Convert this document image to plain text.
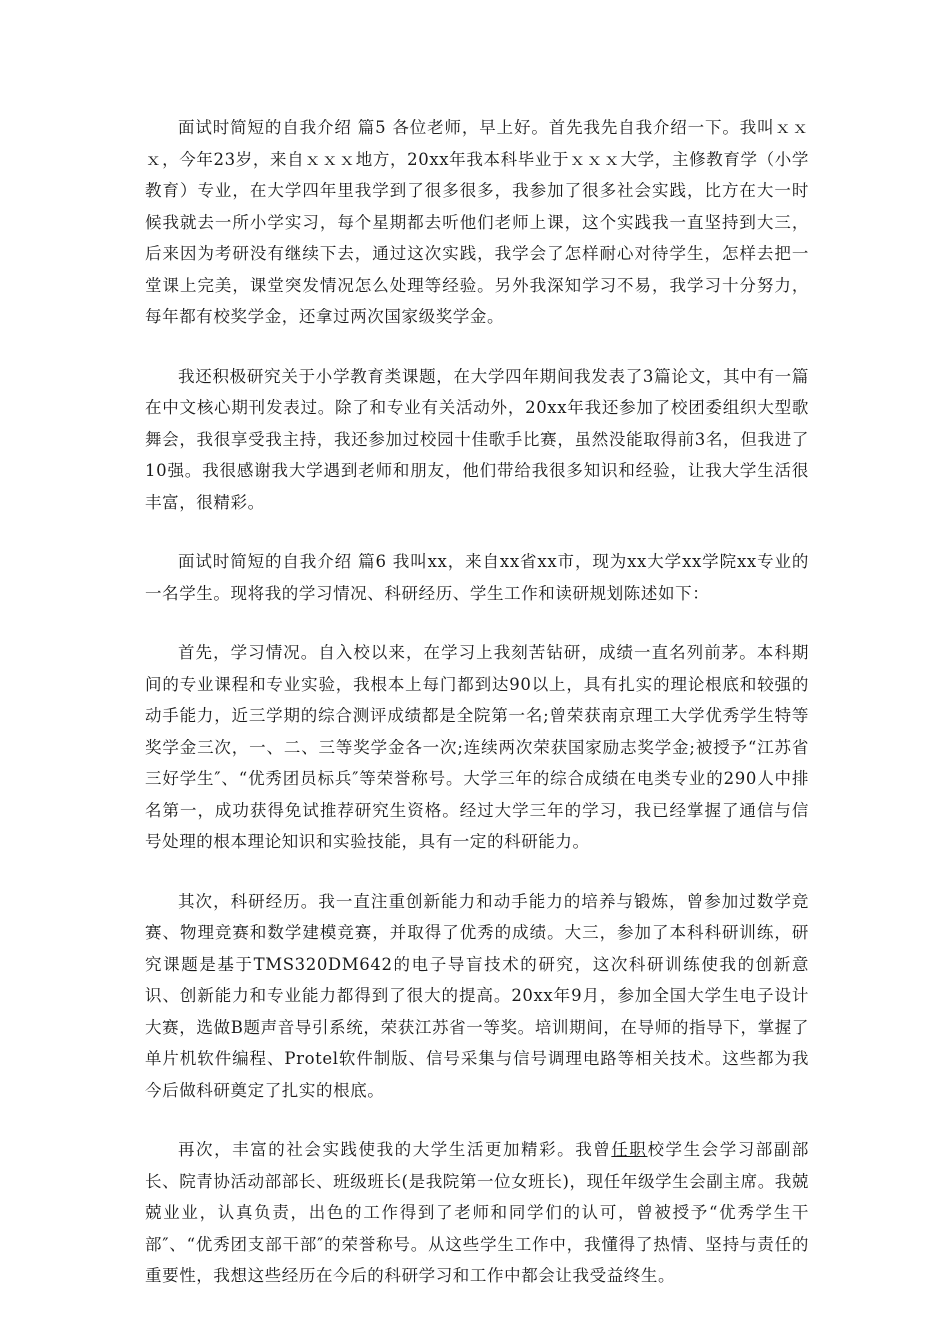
面试时简短的自我介绍 篇5 各位老师，早上好。首先我先自我介绍一下。我叫ｘｘｘ，今年23岁，来自ｘｘｘ地方，20xx年我本科毕业于ｘｘｘ大学，主修教育学（小学教育）专业，在大学四年里我学到了很多很多，我参加了很多社会实践，比方在大一时候我就去一所小学实习，每个星期都去听他们老师上课，这个实践我一直坚持到大三，后来因为考研没有继续下去，通过这次实践，我学会了怎样耐心对待学生，怎样去把一堂课上完美，课堂突发情况怎么处理等经验。另外我深知学习不易，我学习十分努力，每年都有校奖学金，还拿过两次国家级奖学金。

我还积极研究关于小学教育类课题，在大学四年期间我发表了3篇论文，其中有一篇在中文核心期刊发表过。除了和专业有关活动外，20xx年我还参加了校团委组织大型歌舞会，我很享受我主持，我还参加过校园十佳歌手比赛，虽然没能取得前3名，但我进了10强。我很感谢我大学遇到老师和朋友，他们带给我很多知识和经验，让我大学生活很丰富，很精彩。

面试时简短的自我介绍 篇6 我叫xx，来自xx省xx市，现为xx大学xx学院xx专业的一名学生。现将我的学习情况、科研经历、学生工作和读研规划陈述如下：

首先，学习情况。自入校以来，在学习上我刻苦钻研，成绩一直名列前茅。本科期间的专业课程和专业实验，我根本上每门都到达90以上，具有扎实的理论根底和较强的动手能力，近三学期的综合测评成绩都是全院第一名;曾荣获南京理工大学优秀学生特等奖学金三次，一、二、三等奖学金各一次;连续两次荣获国家励志奖学金;被授予“江苏省三好学生″、“优秀团员标兵″等荣誉称号。大学三年的综合成绩在电类专业的290人中排名第一，成功获得免试推荐研究生资格。经过大学三年的学习，我已经掌握了通信与信号处理的根本理论知识和实验技能，具有一定的科研能力。

其次，科研经历。我一直注重创新能力和动手能力的培养与锻炼，曾参加过数学竞赛、物理竞赛和数学建模竞赛，并取得了优秀的成绩。大三，参加了本科科研训练，研究课题是基于TMS320DM642的电子导盲技术的研究，这次科研训练使我的创新意识、创新能力和专业能力都得到了很大的提高。20xx年9月，参加全国大学生电子设计大赛，选做B题声音导引系统，荣获江苏省一等奖。培训期间，在导师的指导下，掌握了单片机软件编程、Protel软件制版、信号采集与信号调理电路等相关技术。这些都为我今后做科研奠定了扎实的根底。

再次，丰富的社会实践使我的大学生活更加精彩。我曾任职校学生会学习部副部长、院青协活动部部长、班级班长(是我院第一位女班长)，现任年级学生会副主席。我兢兢业业，认真负责，出色的工作得到了老师和同学们的认可，曾被授予“优秀学生干部″、“优秀团支部干部″的荣誉称号。从这些学生工作中，我懂得了热情、坚持与责任的重要性，我想这些经历在今后的科研学习和工作中都会让我受益终生。
